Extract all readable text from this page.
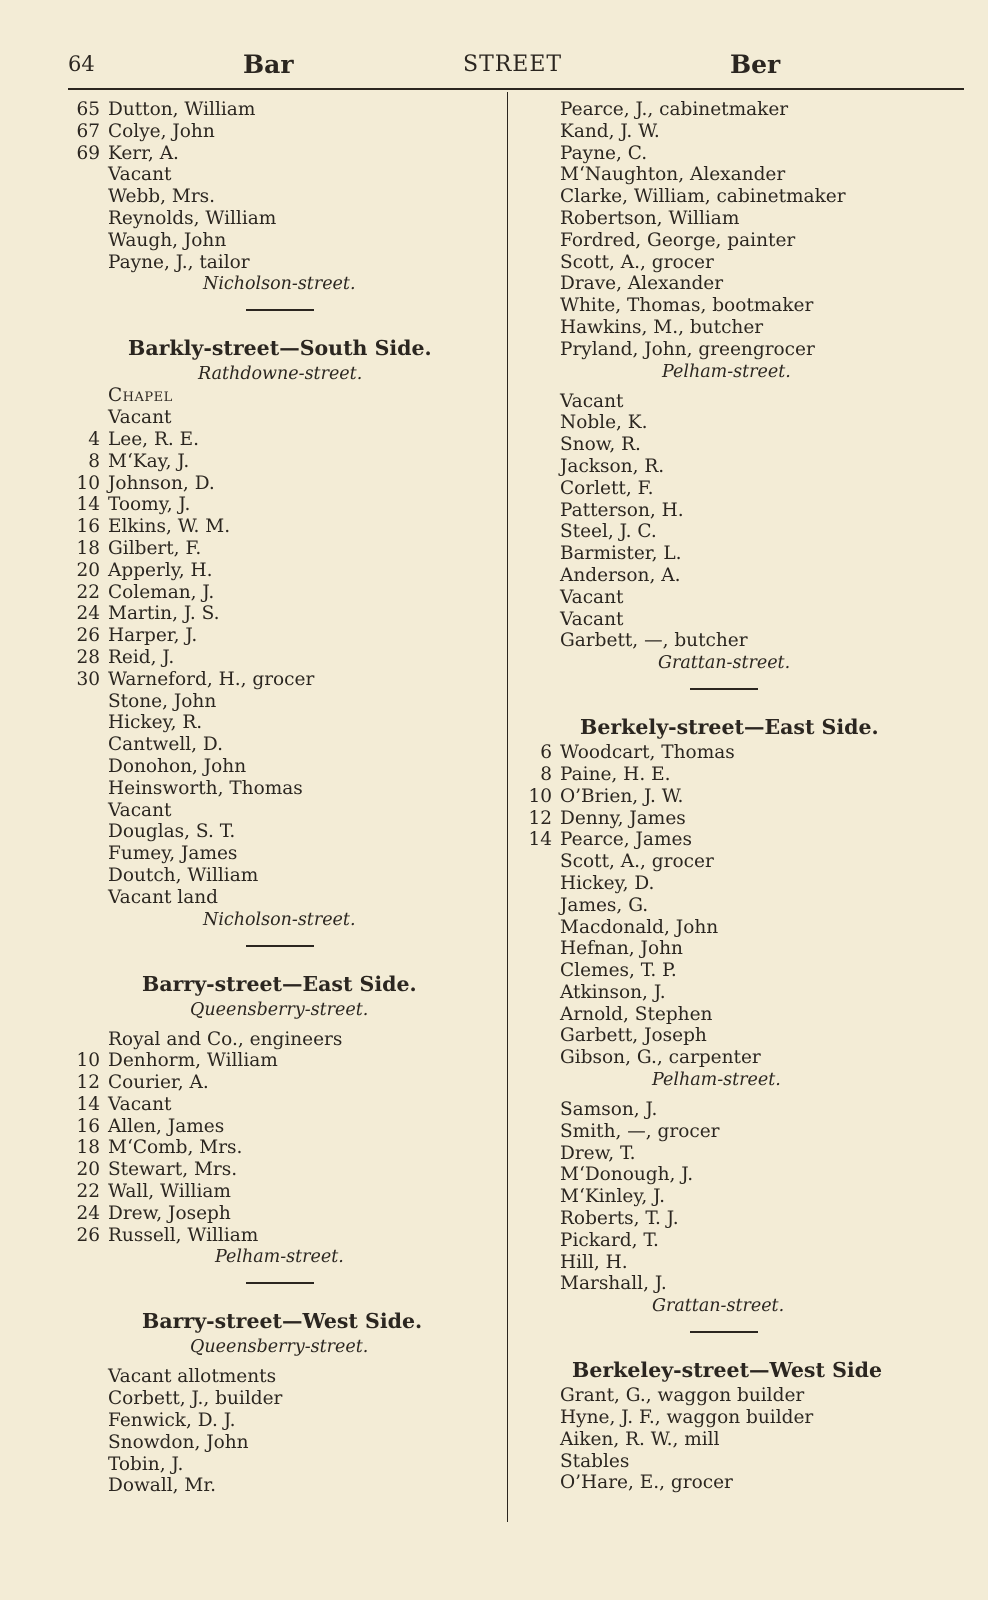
64	Bar	STREET	Ber
65 Dutton, William
67 Colye, John
69 Kerr, A.
Vacant
Webb, Mrs.
Reynolds, William
Waugh, John
Payne, J., tailor
Nicholson-street.
Barkly-street—South Side.
Rathdowne-street.
Chapel
Vacant
4 Lee, R. E.
8 M‘Kay, J.
10 Johnson, D.
14 Toomy, J.
16 Elkins, W. M.
18 Gilbert, F.
20 Apperly, H.
22 Coleman, J.
24 Martin, J. S.
26 Harper, J.
28 Reid, J.
30 Warneford, H., grocer
Stone, John
Hickey, R.
Cantwell, D.
Donohon, John
Heinsworth, Thomas
Vacant
Douglas, S. T.
Fumey, James
Doutch, William
Vacant land
Nicholson-street.
Barry-street—East Side.
Queensberry-street.
Royal and Co., engineers
10 Denhorm, William
12 Courier, A.
14 Vacant
16 Allen, James
18 M‘Comb, Mrs.
20 Stewart, Mrs.
22 Wall, William
24 Drew, Joseph
26 Russell, William
Pelham-street.
Barry-street—West Side.
Queensberry-street.
Vacant allotments
Corbett, J., builder
Fenwick, D. J.
Snowdon, John
Tobin, J.
Dowall, Mr.
Pearce, J., cabinetmaker
Kand, J. W.
Payne, C.
M‘Naughton, Alexander
Clarke, William, cabinetmaker
Robertson, William
Fordred, George, painter
Scott, A., grocer
Drave, Alexander
White, Thomas, bootmaker
Hawkins, M., butcher
Pryland, John, greengrocer
Pelham-street.
Vacant
Noble, K.
Snow, R.
Jackson, R.
Corlett, F.
Patterson, H.
Steel, J. C.
Barmister, L.
Anderson, A.
Vacant
Vacant
Garbett, —, butcher
Grattan-street.
Berkely-street—East Side.
6 Woodcart, Thomas
8 Paine, H. E.
10 O’Brien, J. W.
12 Denny, James
14 Pearce, James
Scott, A., grocer
Hickey, D.
James, G.
Macdonald, John
Hefnan, John
Clemes, T. P.
Atkinson, J.
Arnold, Stephen
Garbett, Joseph
Gibson, G., carpenter
Pelham-street.
Samson, J.
Smith, —, grocer
Drew, T.
M‘Donough, J.
M‘Kinley, J.
Roberts, T. J.
Pickard, T.
Hill, H.
Marshall, J.
Grattan-street.
Berkeley-street—West Side
Grant, G., waggon builder
Hyne, J. F., waggon builder
Aiken, R. W., mill
Stables
O’Hare, E., grocer
